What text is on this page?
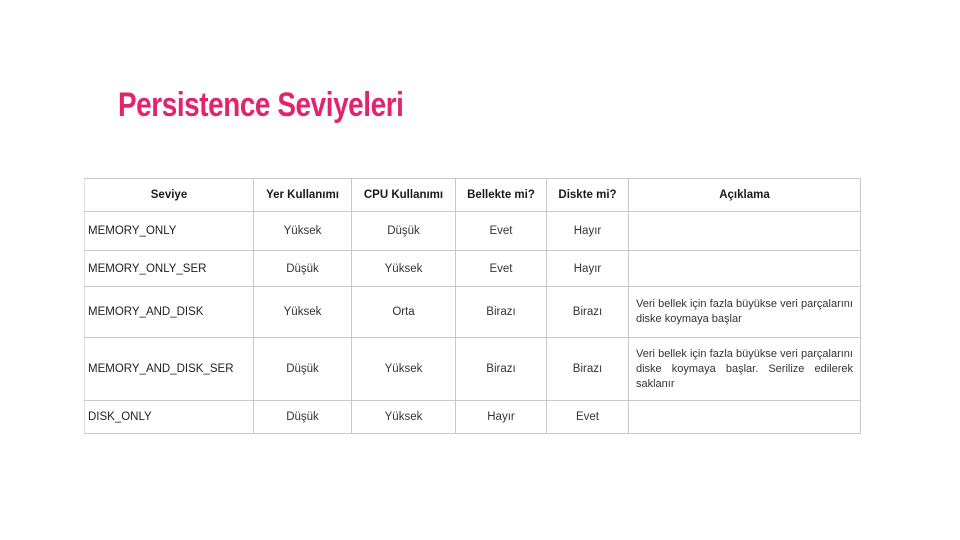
Persistence Seviyeleri
Seviye	Yer Kullanımı	CPU Kullanımı	Bellekte mi?	Diskte mi?	Açıklama
MEMORY_ONLY	Yüksek	Düşük	Evet	Hayır	
MEMORY_ONLY_SER	Düşük	Yüksek	Evet	Hayır	
MEMORY_AND_DISK	Yüksek	Orta	Birazı	Birazı	Veri bellek için fazla büyükse veri parçalarını diske koymaya başlar
MEMORY_AND_DISK_SER	Düşük	Yüksek	Birazı	Birazı	Veri bellek için fazla büyükse veri parçalarını diske koymaya başlar. Serilize edilerek saklanır
DISK_ONLY	Düşük	Yüksek	Hayır	Evet	
